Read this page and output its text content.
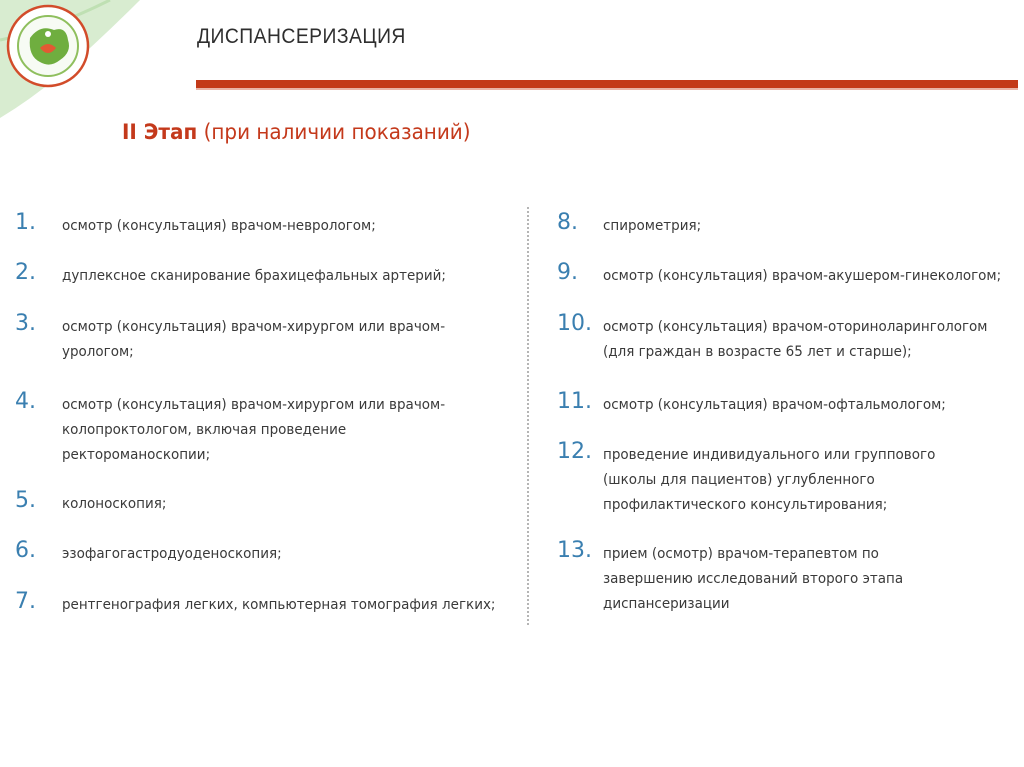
ДИСПАНСЕРИЗАЦИЯ
II Этап (при наличии показаний)
1. осмотр (консультация) врачом-неврологом;
2. дуплексное сканирование брахицефальных артерий;
3. осмотр (консультация) врачом-хирургом или врачом-
урологом;
4. осмотр (консультация) врачом-хирургом или врачом-
колопроктологом, включая проведение
ректороманоскопии;
5. колоноскопия;
6. эзофагогастродуоденоскопия;
7. рентгенография легких, компьютерная томография легких;
8. спирометрия;
9. осмотр (консультация) врачом-акушером-гинекологом;
10. осмотр (консультация) врачом-оториноларингологом
(для граждан в возрасте 65 лет и старше);
11. осмотр (консультация) врачом-офтальмологом;
12. проведение индивидуального или группового
(школы для пациентов) углубленного
профилактического консультирования;
13. прием (осмотр) врачом-терапевтом по
завершению исследований второго этапа
диспансеризации
